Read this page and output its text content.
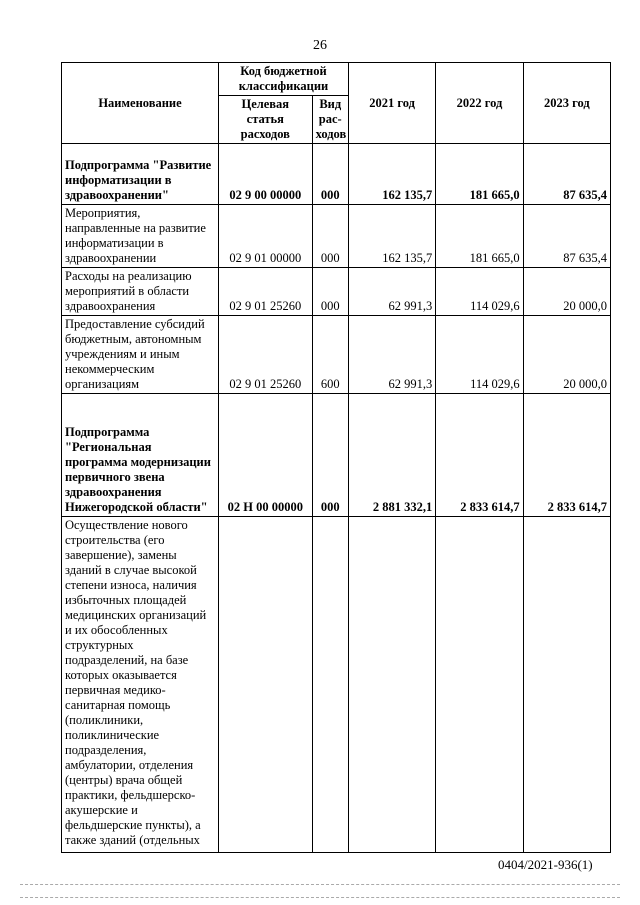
26
Наименование	Код бюджетной классификации		2021 год	2022 год	2023 год
	Целевая статья расходов	Вид рас-ходов			
Подпрограмма "Развитие информатизации в здравоохранении"	02 9 00 00000	000	162 135,7	181 665,0	87 635,4
Мероприятия, направленные на развитие информатизации в здравоохранении	02 9 01 00000	000	162 135,7	181 665,0	87 635,4
Расходы на реализацию мероприятий в области здравоохранения	02 9 01 25260	000	62 991,3	114 029,6	20 000,0
Предоставление субсидий бюджетным, автономным учреждениям и иным некоммерческим организациям	02 9 01 25260	600	62 991,3	114 029,6	20 000,0
Подпрограмма "Региональная программа модернизации первичного звена здравоохранения Нижегородской области"	02 Н 00 00000	000	2 881 332,1	2 833 614,7	2 833 614,7
Осуществление нового строительства (его завершение), замены зданий в случае высокой степени износа, наличия избыточных площадей медицинских организаций и их обособленных структурных подразделений, на базе которых оказывается первичная медико-санитарная помощь (поликлиники, поликлинические подразделения, амбулатории, отделения (центры) врача общей практики, фельдшерско-акушерские и фельдшерские пункты), а также зданий (отдельных					
0404/2021-936(1)
